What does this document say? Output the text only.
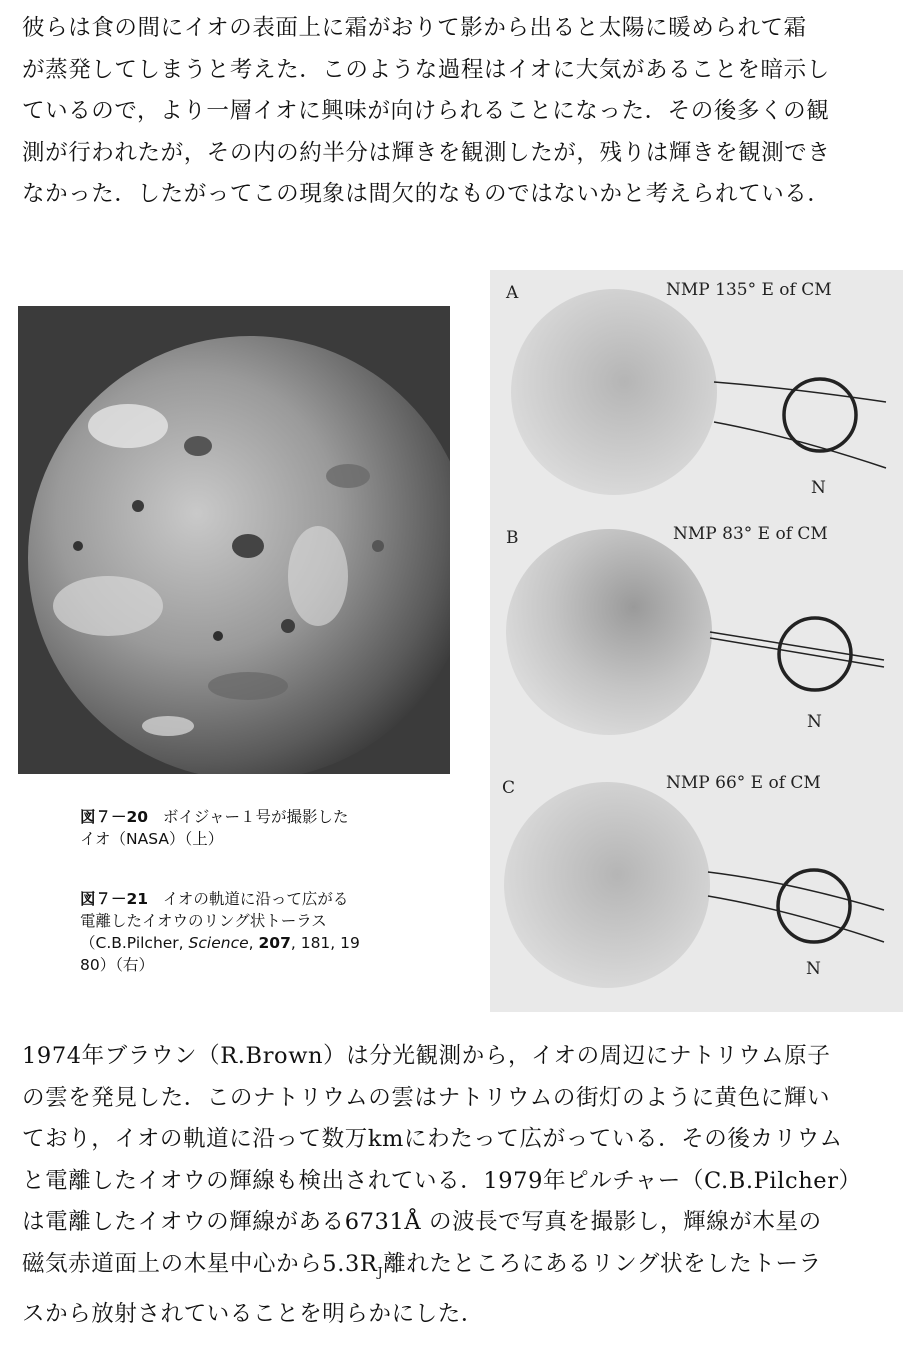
彼らは食の間にイオの表面上に霜がおりて影から出ると太陽に暖められて霜
が蒸発してしまうと考えた．このような過程はイオに大気があることを暗示し
ているので，より一層イオに興味が向けられることになった．その後多くの観
測が行われたが，その内の約半分は輝きを観測したが，残りは輝きを観測でき
なかった．したがってこの現象は間欠的なものではないかと考えられている．
図７－20 ボイジャー１号が撮影した
イオ（NASA）（上）
図７－21 イオの軌道に沿って広がる
電離したイオウのリング状トーラス
（C.B.Pilcher, Science, 207, 181, 19
80）（右）
A	NMP 135° E of CM
N
B	NMP 83° E of CM
N
C	NMP 66° E of CM
N
1974年ブラウン（R.Brown）は分光観測から，イオの周辺にナトリウム原子
の雲を発見した．このナトリウムの雲はナトリウムの街灯のように黄色に輝い
ており，イオの軌道に沿って数万kmにわたって広がっている．その後カリウム
と電離したイオウの輝線も検出されている．1979年ピルチャー（C.B.Pilcher）
は電離したイオウの輝線がある6731Å の波長で写真を撮影し，輝線が木星の
磁気赤道面上の木星中心から$5.3R_J$離れたところにあるリング状をしたトーラ
スから放射されていることを明らかにした．
